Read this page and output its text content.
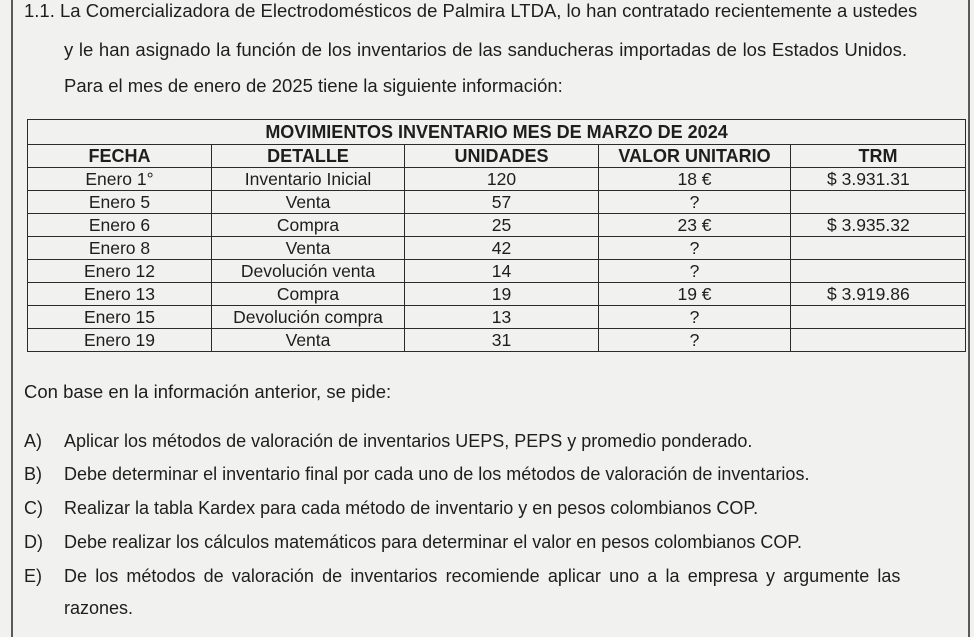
1.1. La Comercializadora de Electrodomésticos de Palmira LTDA, lo han contratado recientemente a ustedes
y le han asignado la función de los inventarios de las sanducheras importadas de los Estados Unidos.
Para el mes de enero de 2025 tiene la siguiente información:
MOVIMIENTOS INVENTARIO MES DE MARZO DE 2024				
FECHA	DETALLE	UNIDADES	VALOR UNITARIO	TRM
Enero 1°	Inventario Inicial	120	18 €	$ 3.931.31
Enero 5	Venta	57	?	
Enero 6	Compra	25	23 €	$ 3.935.32
Enero 8	Venta	42	?	
Enero 12	Devolución venta	14	?	
Enero 13	Compra	19	19 €	$ 3.919.86
Enero 15	Devolución compra	13	?	
Enero 19	Venta	31	?	
Con base en la información anterior, se pide:
A) Aplicar los métodos de valoración de inventarios UEPS, PEPS y promedio ponderado.
B) Debe determinar el inventario final por cada uno de los métodos de valoración de inventarios.
C) Realizar la tabla Kardex para cada método de inventario y en pesos colombianos COP.
D) Debe realizar los cálculos matemáticos para determinar el valor en pesos colombianos COP.
E) De los métodos de valoración de inventarios recomiende aplicar uno a la empresa y argumente las
razones.
